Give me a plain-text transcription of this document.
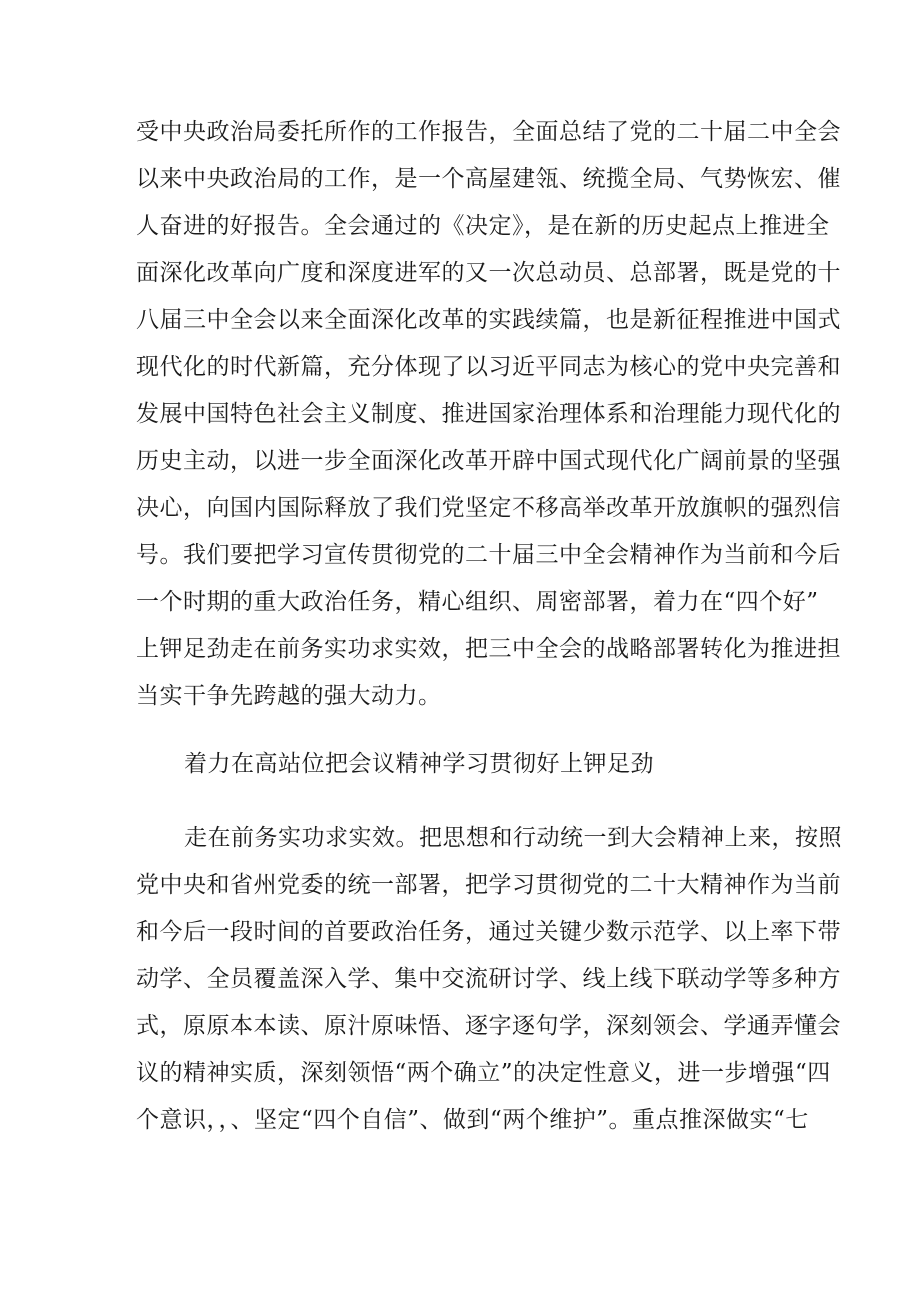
受中央政治局委托所作的工作报告，全面总结了党的二十届二中全会
以来中央政治局的工作，是一个高屋建瓴、统揽全局、气势恢宏、催
人奋进的好报告。全会通过的《决定》，是在新的历史起点上推进全
面深化改革向广度和深度进军的又一次总动员、总部署，既是党的十
八届三中全会以来全面深化改革的实践续篇，也是新征程推进中国式
现代化的时代新篇，充分体现了以习近平同志为核心的党中央完善和
发展中国特色社会主义制度、推进国家治理体系和治理能力现代化的
历史主动，以进一步全面深化改革开辟中国式现代化广阔前景的坚强
决心，向国内国际释放了我们党坚定不移高举改革开放旗帜的强烈信
号。我们要把学习宣传贯彻党的二十届三中全会精神作为当前和今后
一个时期的重大政治任务，精心组织、周密部署，着力在“四个好”
上钾足劲走在前务实功求实效，把三中全会的战略部署转化为推进担
当实干争先跨越的强大动力。
着力在高站位把会议精神学习贯彻好上钾足劲
走在前务实功求实效。把思想和行动统一到大会精神上来，按照
党中央和省州党委的统一部署，把学习贯彻党的二十大精神作为当前
和今后一段时间的首要政治任务，通过关键少数示范学、以上率下带
动学、全员覆盖深入学、集中交流研讨学、线上线下联动学等多种方
式，原原本本读、原汁原味悟、逐字逐句学，深刻领会、学通弄懂会
议的精神实质，深刻领悟“两个确立”的决定性意义，进一步增强“四
个意识，，、坚定“四个自信”、做到“两个维护”。重点推深做实“七
